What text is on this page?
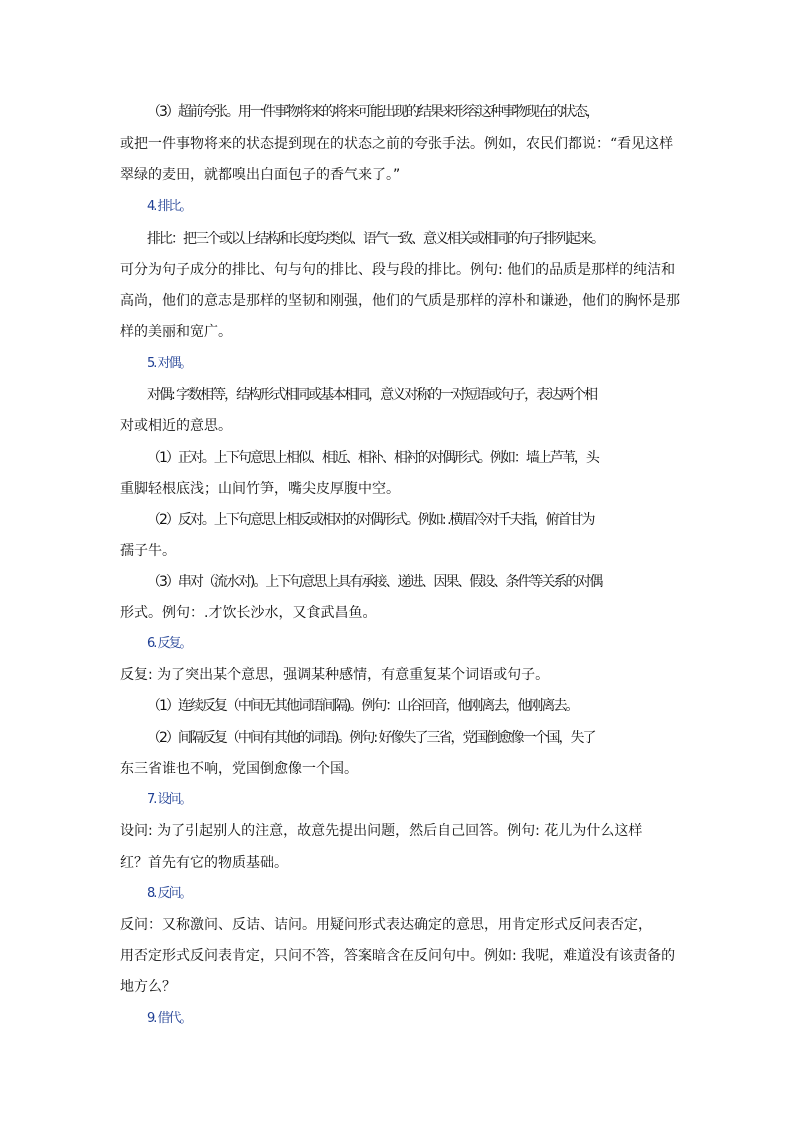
（3）超前夸张。用一件事物将来的将来可能出现的结果来形容这种事物现在的状态，
或把一件事物将来的状态提到现在的状态之前的夸张手法。例如，农民们都说：“看见这样
翠绿的麦田，就都嗅出白面包子的香气来了。”
4. 排比。
排比：把三个或以上结构和长度均类似、语气一致、意义相关或相同的句子排列起来。
可分为句子成分的排比、句与句的排比、段与段的排比。例句: 他们的品质是那样的纯洁和
高尚，他们的意志是那样的坚韧和刚强，他们的气质是那样的淳朴和谦逊，他们的胸怀是那
样的美丽和宽广。
5. 对偶。
对偶: 字数相等，结构形式相同或基本相同，意义对称的一对短语或句子，表达两个相
对或相近的意思。
（1）正对。上下句意思上相似、相近、相补、相衬的对偶形式。例如：墙上芦苇，头
重脚轻根底浅；山间竹笋，嘴尖皮厚腹中空。
（2）反对。上下句意思上相反或相对的对偶形式。例如: .横眉冷对千夫指，俯首甘为
孺子牛。
（3）串对（流水对)。上下句意思上具有承接、递进、因果、假设、条件等关系的对偶
形式。例句：.才饮长沙水，又食武昌鱼。
6. 反复。
反复: 为了突出某个意思，强调某种感情，有意重复某个词语或句子。
（1）连续反复（中间无其他词语间隔)。例句：山谷回音，他刚离去，他刚离去。
（2）间隔反复（中间有其他的词语)。例句: 好像失了三省，党国倒愈像一个国，失了
东三省谁也不响，党国倒愈像一个国。
7. 设问。
设问: 为了引起别人的注意，故意先提出问题，然后自己回答。例句: 花儿为什么这样
红？首先有它的物质基础。
8. 反问。
反问：又称激问、反诘、诘问。用疑问形式表达确定的意思，用肯定形式反问表否定，
用否定形式反问表肯定，只问不答，答案暗含在反问句中。例如: 我呢，难道没有该责备的
地方么？
9. 借代。
